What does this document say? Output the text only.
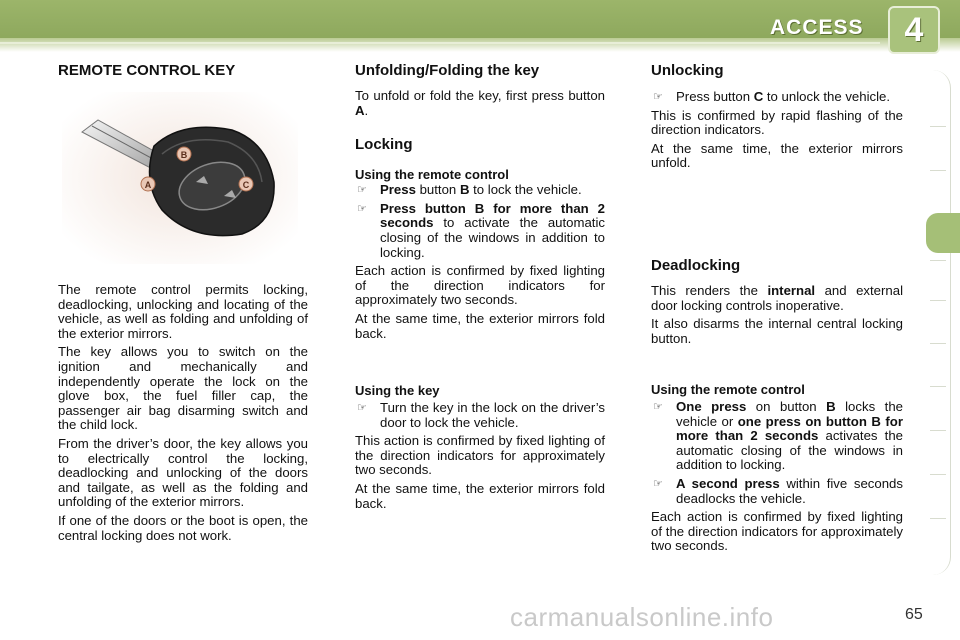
ACCESS	4
REMOTE CONTROL KEY
B
A	C

The remote control permits locking, deadlocking, unlocking and locating of the vehicle, as well as folding and unfolding of the exterior mirrors.

The key allows you to switch on the ignition and mechanically and independently operate the lock on the glove box, the fuel filler cap, the passenger air bag disarming switch and the child lock.

From the driver’s door, the key allows you to electrically control the locking, deadlocking and unlocking of the doors and tailgate, as well as the folding and unfolding of the exterior mirrors.

If one of the doors or the boot is open, the central locking does not work.

Unfolding/Folding the key

To unfold or fold the key, first press button A.

Locking
Using the remote control
☞ Press button B to lock the vehicle.
☞ Press button B for more than 2 seconds to activate the automatic closing of the windows in addition to locking.

Each action is confirmed by fixed lighting of the direction indicators for approximately two seconds.

At the same time, the exterior mirrors fold back.

Using the key
☞ Turn the key in the lock on the driver’s door to lock the vehicle.

This action is confirmed by fixed lighting of the direction indicators for approximately two seconds.

At the same time, the exterior mirrors fold back.

Unlocking
☞ Press button C to unlock the vehicle.

This is confirmed by rapid flashing of the direction indicators.

At the same time, the exterior mirrors unfold.

Deadlocking

This renders the internal and external door locking controls inoperative.

It also disarms the internal central locking button.

Using the remote control
☞ One press on button B locks the vehicle or one press on button B for more than 2 seconds activates the automatic closing of the windows in addition to locking.
☞ A second press within five seconds deadlocks the vehicle.

Each action is confirmed by fixed lighting of the direction indicators for approximately two seconds.

carmanualsonline.info	65
